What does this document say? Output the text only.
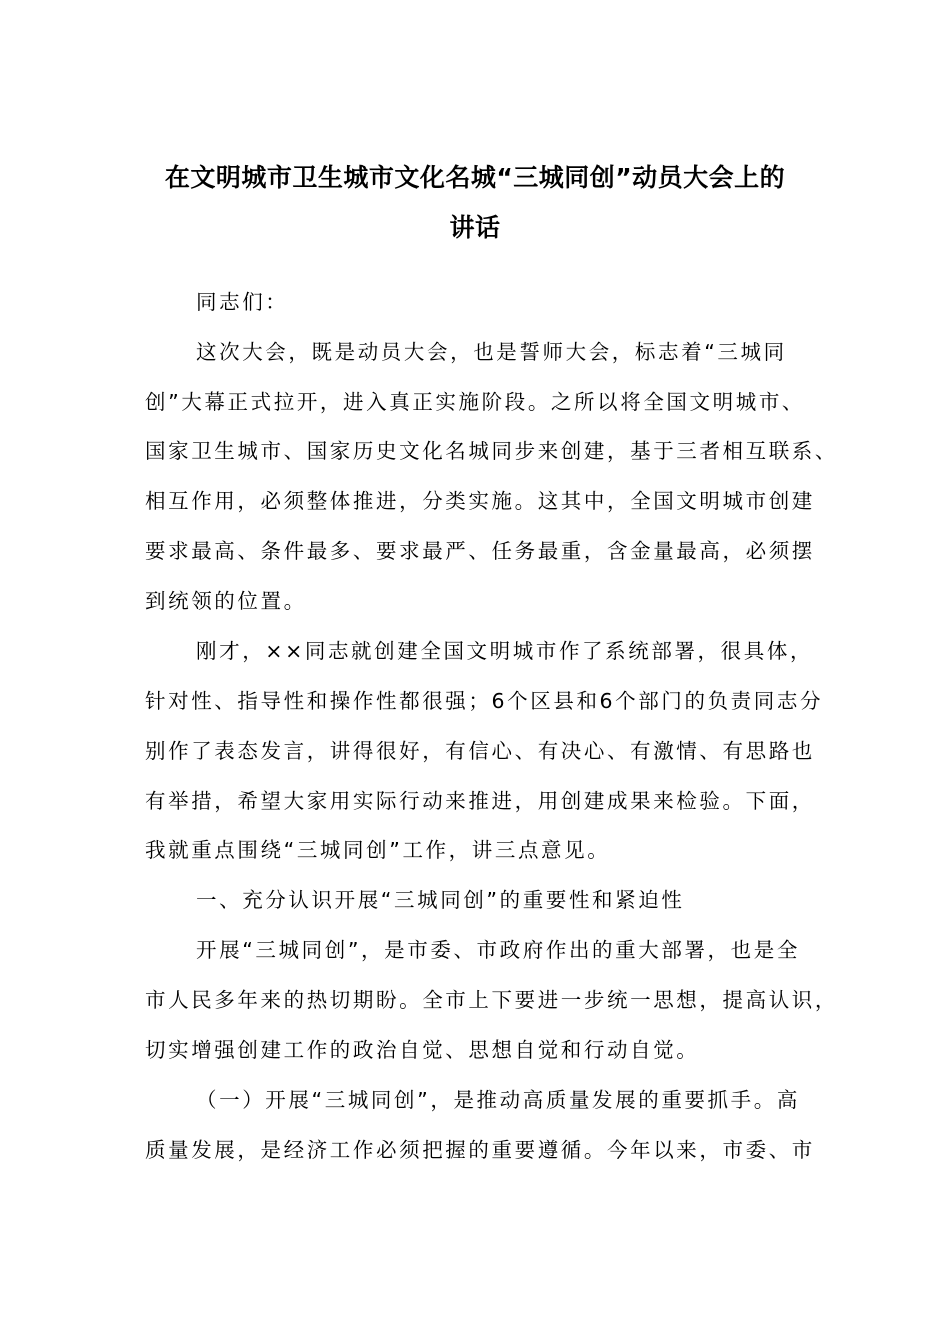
在文明城市卫生城市文化名城“三城同创”动员大会上的
讲话
同志们：
这次大会，既是动员大会，也是誓师大会，标志着“三城同
创”大幕正式拉开，进入真正实施阶段。之所以将全国文明城市、
国家卫生城市、国家历史文化名城同步来创建，基于三者相互联系、
相互作用，必须整体推进，分类实施。这其中，全国文明城市创建
要求最高、条件最多、要求最严、任务最重，含金量最高，必须摆
到统领的位置。
刚才，××同志就创建全国文明城市作了系统部署，很具体，
针对性、指导性和操作性都很强；6个区县和6个部门的负责同志分
别作了表态发言，讲得很好，有信心、有决心、有激情、有思路也
有举措，希望大家用实际行动来推进，用创建成果来检验。下面，
我就重点围绕“三城同创”工作，讲三点意见。
一、充分认识开展“三城同创”的重要性和紧迫性
开展“三城同创”，是市委、市政府作出的重大部署，也是全
市人民多年来的热切期盼。全市上下要进一步统一思想，提高认识，
切实增强创建工作的政治自觉、思想自觉和行动自觉。
（一）开展“三城同创”，是推动高质量发展的重要抓手。高
质量发展，是经济工作必须把握的重要遵循。今年以来，市委、市
